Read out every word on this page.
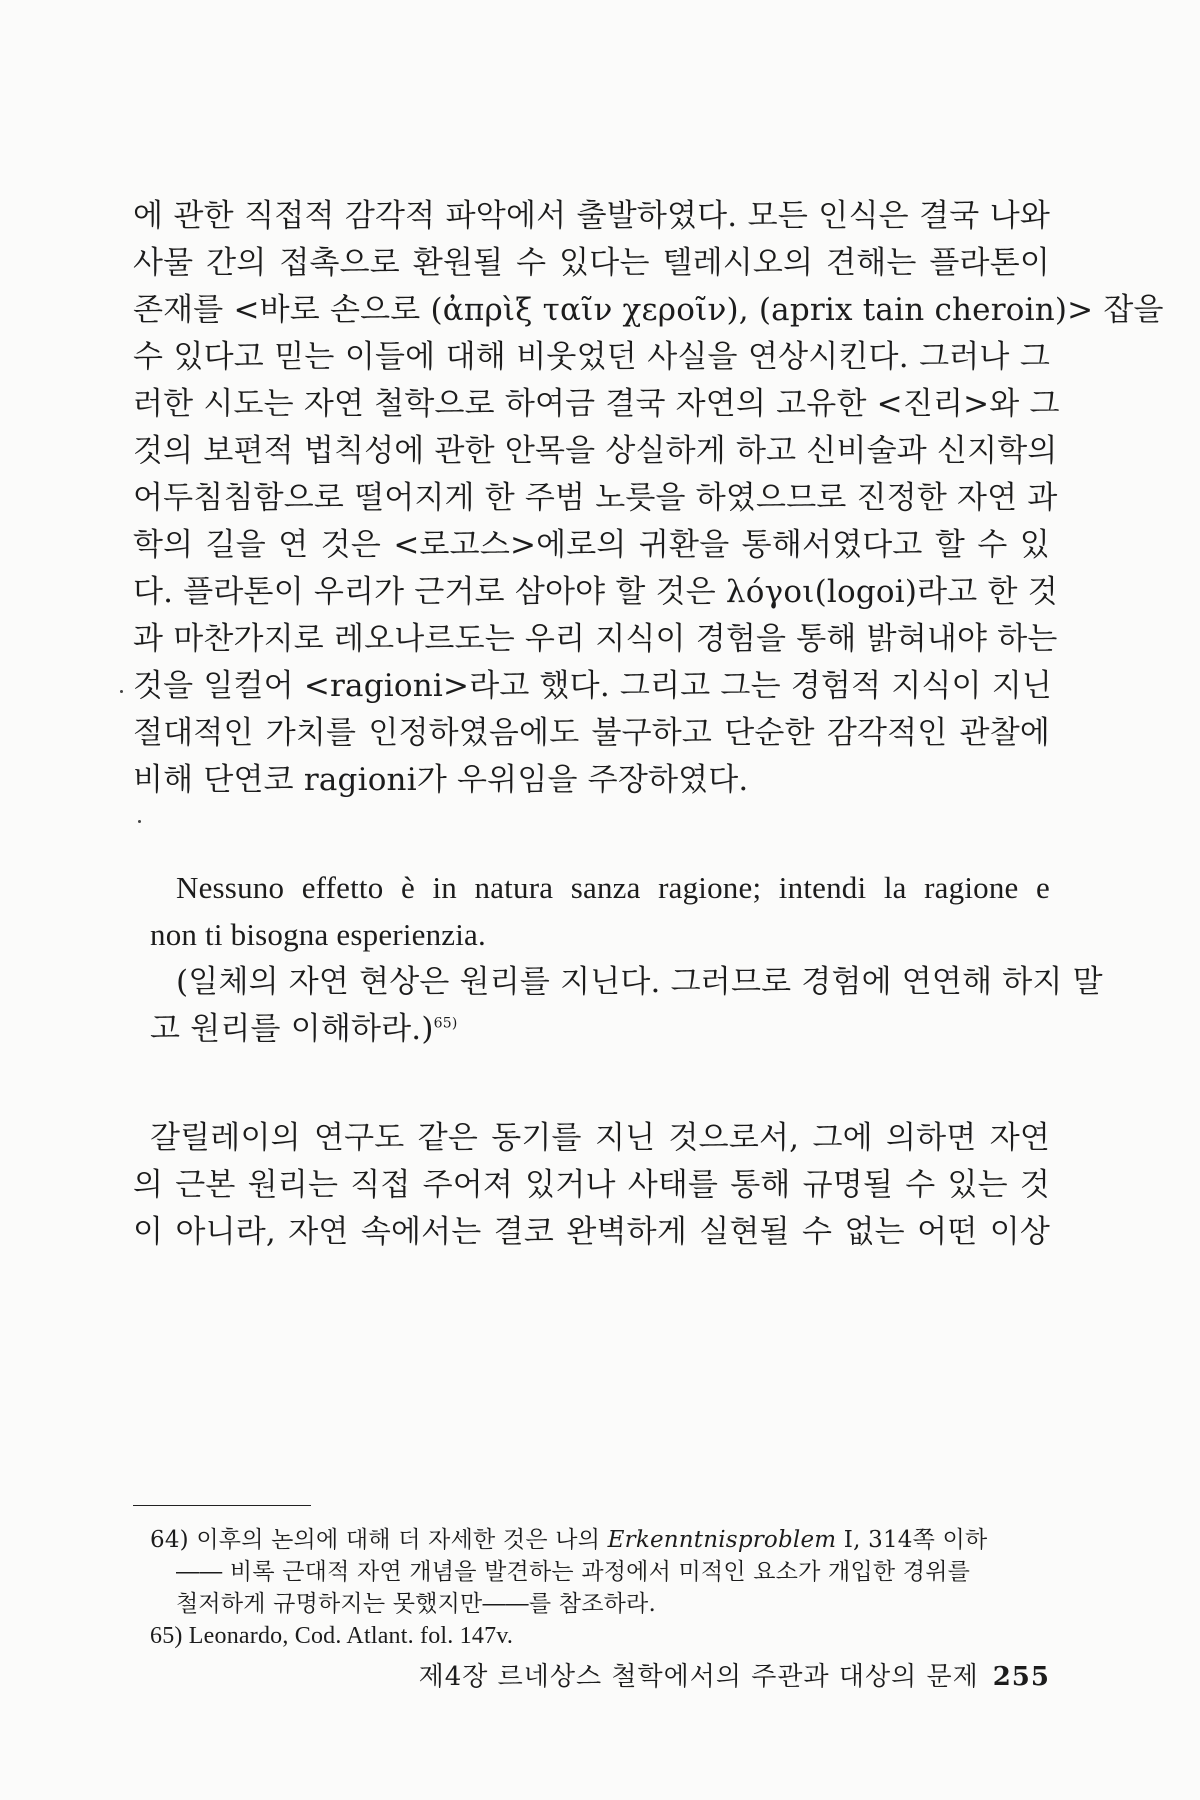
에 관한 직접적 감각적 파악에서 출발하였다. 모든 인식은 결국 나와
사물 간의 접촉으로 환원될 수 있다는 텔레시오의 견해는 플라톤이
존재를 <바로 손으로 (ἀπρὶξ ταῖν χεροῖν), (aprix tain cheroin)> 잡을
수 있다고 믿는 이들에 대해 비웃었던 사실을 연상시킨다. 그러나 그
러한 시도는 자연 철학으로 하여금 결국 자연의 고유한 <진리>와 그
것의 보편적 법칙성에 관한 안목을 상실하게 하고 신비술과 신지학의
어두침침함으로 떨어지게 한 주범 노릇을 하였으므로 진정한 자연 과
학의 길을 연 것은 <로고스>에로의 귀환을 통해서였다고 할 수 있
다. 플라톤이 우리가 근거로 삼아야 할 것은 λόγοι(logoi)라고 한 것
과 마찬가지로 레오나르도는 우리 지식이 경험을 통해 밝혀내야 하는
것을 일컬어 <ragioni>라고 했다. 그리고 그는 경험적 지식이 지닌
절대적인 가치를 인정하였음에도 불구하고 단순한 감각적인 관찰에
비해 단연코 ragioni가 우위임을 주장하였다.
Nessuno effetto è in natura sanza ragione; intendi la ragione e
non ti bisogna esperienzia.
(일체의 자연 현상은 원리를 지닌다. 그러므로 경험에 연연해 하지 말
고 원리를 이해하라.)$^{65)}$
갈릴레이의 연구도 같은 동기를 지닌 것으로서, 그에 의하면 자연
의 근본 원리는 직접 주어져 있거나 사태를 통해 규명될 수 있는 것
이 아니라, 자연 속에서는 결코 완벽하게 실현될 수 없는 어떤 이상
64) 이후의 논의에 대해 더 자세한 것은 나의 Erkenntnisproblem I, 314쪽 이하
―― 비록 근대적 자연 개념을 발견하는 과정에서 미적인 요소가 개입한 경위를
철저하게 규명하지는 못했지만――를 참조하라.
65) Leonardo, Cod. Atlant. fol. 147v.
제4장 르네상스 철학에서의 주관과 대상의 문제 255
